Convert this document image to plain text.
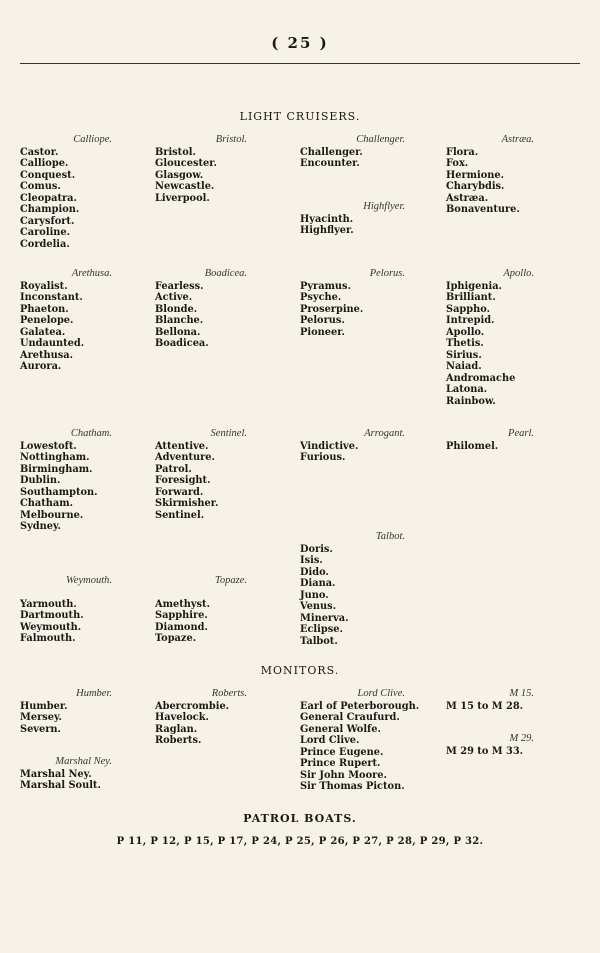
( 25 )
LIGHT CRUISERS.
Calliope.
Castor.
Calliope.
Conquest.
Comus.
Cleopatra.
Champion.
Carysfort.
Caroline.
Cordelia.
Bristol.
Bristol.
Gloucester.
Glasgow.
Newcastle.
Liverpool.
Challenger.
Challenger.
Encounter.
Astræa.
Flora.
Fox.
Hermione.
Charybdis.
Astræa.
Bonaventure.
Highflyer.
Hyacinth.
Highflyer.
Arethusa.
Royalist.
Inconstant.
Phaeton.
Penelope.
Galatea.
Undaunted.
Arethusa.
Aurora.
Boadicea.
Fearless.
Active.
Blonde.
Blanche.
Bellona.
Boadicea.
Pelorus.
Pyramus.
Psyche.
Proserpine.
Pelorus.
Pioneer.
Apollo.
Iphigenia.
Brilliant.
Sappho.
Intrepid.
Apollo.
Thetis.
Sirius.
Naiad.
Andromache
Latona.
Rainbow.
Chatham.
Lowestoft.
Nottingham.
Birmingham.
Dublin.
Southampton.
Chatham.
Melbourne.
Sydney.
Sentinel.
Attentive.
Adventure.
Patrol.
Foresight.
Forward.
Skirmisher.
Sentinel.
Arrogant.
Vindictive.
Furious.
Pearl.
Philomel.
Talbot.
Doris.
Isis.
Dido.
Diana.
Juno.
Venus.
Minerva.
Eclipse.
Talbot.
Weymouth.
Yarmouth.
Dartmouth.
Weymouth.
Falmouth.
Topaze.
Amethyst.
Sapphire.
Diamond.
Topaze.
MONITORS.
Humber.
Humber.
Mersey.
Severn.
Roberts.
Abercrombie.
Havelock.
Raglan.
Roberts.
Lord Clive.
Earl of Peterborough.
General Craufurd.
General Wolfe.
Lord Clive.
Prince Eugene.
Prince Rupert.
Sir John Moore.
Sir Thomas Picton.
M 15.
M 15 to M 28.
M 29.
M 29 to M 33.
Marshal Ney.
Marshal Ney.
Marshal Soult.
PATROL BOATS.
P 11, P 12, P 15, P 17, P 24, P 25, P 26, P 27, P 28, P 29, P 32.
